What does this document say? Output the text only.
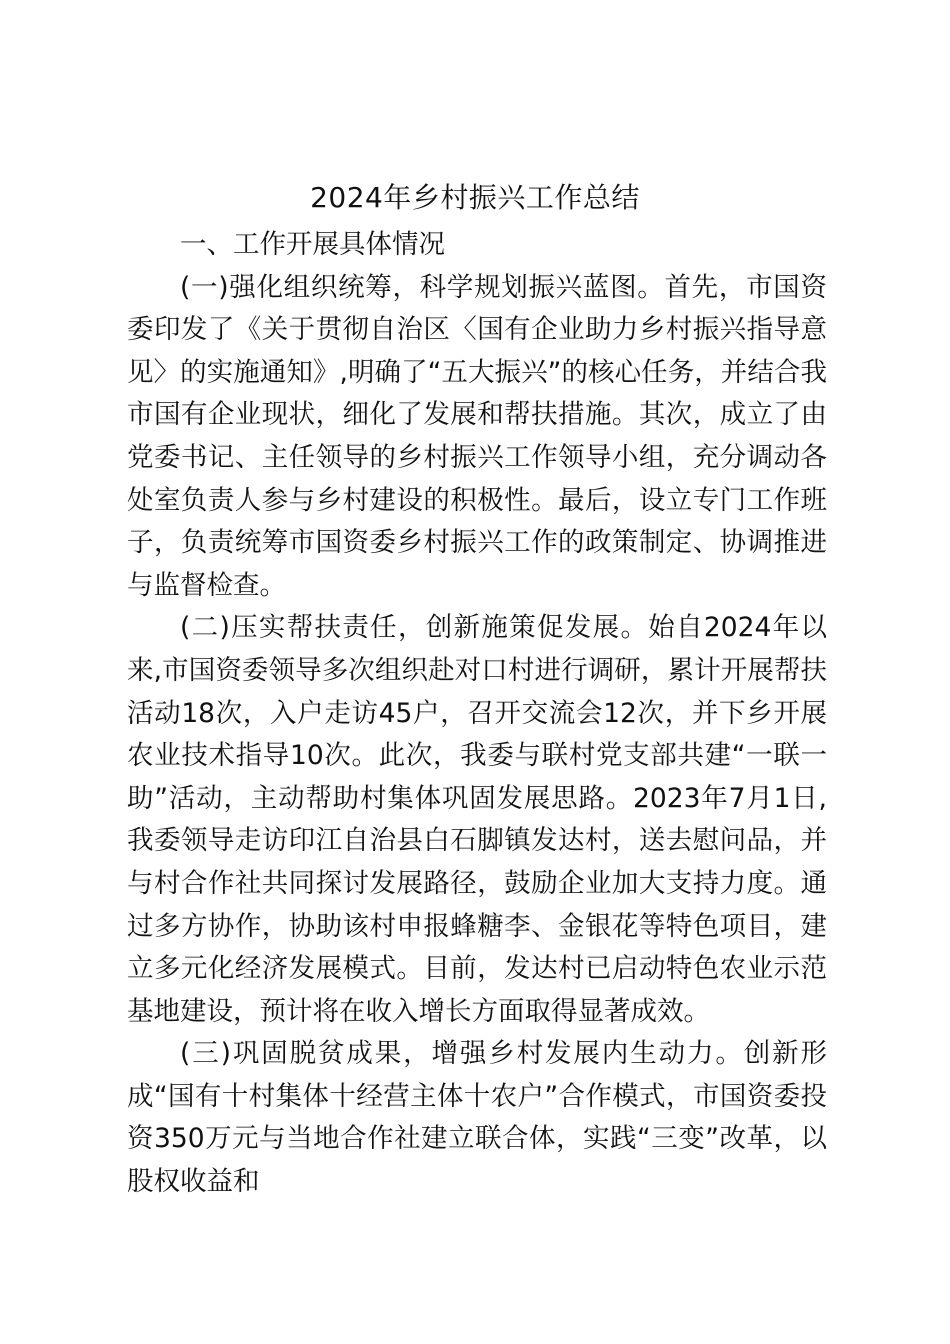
2024年乡村振兴工作总结

一、工作开展具体情况

(一)强化组织统筹，科学规划振兴蓝图。首先，市国资委印发了《关于贯彻自治区〈国有企业助力乡村振兴指导意见〉的实施通知》,明确了“五大振兴”的核心任务，并结合我市国有企业现状，细化了发展和帮扶措施。其次，成立了由党委书记、主任领导的乡村振兴工作领导小组，充分调动各处室负责人参与乡村建设的积极性。最后，设立专门工作班子，负责统筹市国资委乡村振兴工作的政策制定、协调推进与监督检查。

(二)压实帮扶责任，创新施策促发展。始自2024年以来,市国资委领导多次组织赴对口村进行调研，累计开展帮扶活动18次，入户走访45户，召开交流会12次，并下乡开展农业技术指导10次。此次，我委与联村党支部共建“一联一助”活动，主动帮助村集体巩固发展思路。2023年7月1日, 我委领导走访印江自治县白石脚镇发达村，送去慰问品，并与村合作社共同探讨发展路径，鼓励企业加大支持力度。通过多方协作，协助该村申报蜂糖李、金银花等特色项目，建立多元化经济发展模式。目前，发达村已启动特色农业示范基地建设，预计将在收入增长方面取得显著成效。

(三)巩固脱贫成果，增强乡村发展内生动力。创新形成“国有十村集体十经营主体十农户”合作模式，市国资委投资350万元与当地合作社建立联合体，实践“三变”改革，以股权收益和
